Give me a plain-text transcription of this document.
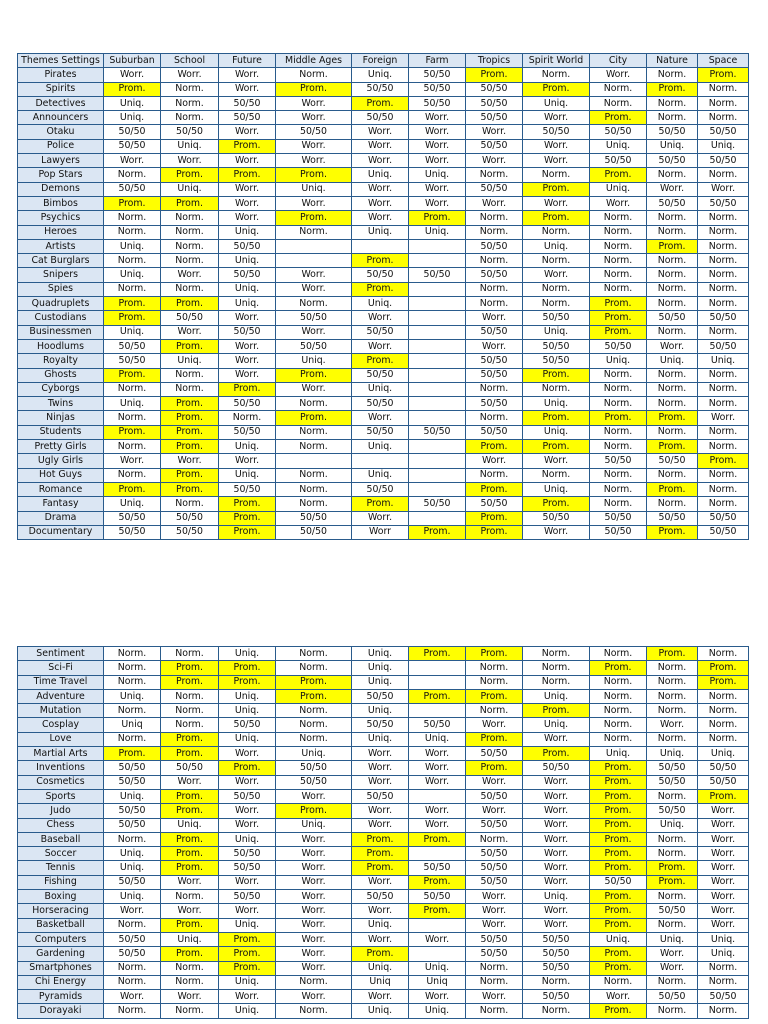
Themes Settings	Suburban	School	Future	Middle Ages	Foreign	Farm	Tropics	Spirit World	City	Nature	Space
Pirates	Worr.	Worr.	Worr.	Norm.	Uniq.	50/50	Prom.	Norm.	Worr.	Norm.	Prom.
Spirits	Prom.	Norm.	Worr.	Prom.	50/50	50/50	50/50	Prom.	Norm.	Prom.	Norm.
Detectives	Uniq.	Norm.	50/50	Worr.	Prom.	50/50	50/50	Uniq.	Norm.	Norm.	Norm.
Announcers	Uniq.	Norm.	50/50	Worr.	50/50	Worr.	50/50	Worr.	Prom.	Norm.	Norm.
Otaku	50/50	50/50	Worr.	50/50	Worr.	Worr.	Worr.	50/50	50/50	50/50	50/50
Police	50/50	Uniq.	Prom.	Worr.	Worr.	Worr.	50/50	Worr.	Uniq.	Uniq.	Uniq.
Lawyers	Worr.	Worr.	Worr.	Worr.	Worr.	Worr.	Worr.	Worr.	50/50	50/50	50/50
Pop Stars	Norm.	Prom.	Prom.	Prom.	Uniq.	Uniq.	Norm.	Norm.	Prom.	Norm.	Norm.
Demons	50/50	Uniq.	Worr.	Uniq.	Worr.	Worr.	50/50	Prom.	Uniq.	Worr.	Worr.
Bimbos	Prom.	Prom.	Worr.	Worr.	Worr.	Worr.	Worr.	Worr.	Worr.	50/50	50/50
Psychics	Norm.	Norm.	Worr.	Prom.	Worr.	Prom.	Norm.	Prom.	Norm.	Norm.	Norm.
Heroes	Norm.	Norm.	Uniq.	Norm.	Uniq.	Uniq.	Norm.	Norm.	Norm.	Norm.	Norm.
Artists	Uniq.	Norm.	50/50				50/50	Uniq.	Norm.	Prom.	Norm.
Cat Burglars	Norm.	Norm.	Uniq.		Prom.		Norm.	Norm.	Norm.	Norm.	Norm.
Snipers	Uniq.	Worr.	50/50	Worr.	50/50	50/50	50/50	Worr.	Norm.	Norm.	Norm.
Spies	Norm.	Norm.	Uniq.	Worr.	Prom.		Norm.	Norm.	Norm.	Norm.	Norm.
Quadruplets	Prom.	Prom.	Uniq.	Norm.	Uniq.		Norm.	Norm.	Prom.	Norm.	Norm.
Custodians	Prom.	50/50	Worr.	50/50	Worr.		Worr.	50/50	Prom.	50/50	50/50
Businessmen	Uniq.	Worr.	50/50	Worr.	50/50		50/50	Uniq.	Prom.	Norm.	Norm.
Hoodlums	50/50	Prom.	Worr.	50/50	Worr.		Worr.	50/50	50/50	Worr.	50/50
Royalty	50/50	Uniq.	Worr.	Uniq.	Prom.		50/50	50/50	Uniq.	Uniq.	Uniq.
Ghosts	Prom.	Norm.	Worr.	Prom.	50/50		50/50	Prom.	Norm.	Norm.	Norm.
Cyborgs	Norm.	Norm.	Prom.	Worr.	Uniq.		Norm.	Norm.	Norm.	Norm.	Norm.
Twins	Uniq.	Prom.	50/50	Norm.	50/50		50/50	Uniq.	Norm.	Norm.	Norm.
Ninjas	Norm.	Prom.	Norm.	Prom.	Worr.		Norm.	Prom.	Prom.	Prom.	Worr.
Students	Prom.	Prom.	50/50	Norm.	50/50	50/50	50/50	Uniq.	Norm.	Norm.	Norm.
Pretty Girls	Norm.	Prom.	Uniq.	Norm.	Uniq.		Prom.	Prom.	Norm.	Prom.	Norm.
Ugly Girls	Worr.	Worr.	Worr.				Worr.	Worr.	50/50	50/50	Prom.
Hot Guys	Norm.	Prom.	Uniq.	Norm.	Uniq.		Norm.	Norm.	Norm.	Norm.	Norm.
Romance	Prom.	Prom.	50/50	Norm.	50/50		Prom.	Uniq.	Norm.	Prom.	Norm.
Fantasy	Uniq.	Norm.	Prom.	Norm.	Prom.	50/50	50/50	Prom.	Norm.	Norm.	Norm.
Drama	50/50	50/50	Prom.	50/50	Worr.		Prom.	50/50	50/50	50/50	50/50
Documentary	50/50	50/50	Prom.	50/50	Worr	Prom.	Prom.	Worr.	50/50	Prom.	50/50
Sentiment	Norm.	Norm.	Uniq.	Norm.	Uniq.	Prom.	Prom.	Norm.	Norm.	Prom.	Norm.
Sci-Fi	Norm.	Prom.	Prom.	Norm.	Uniq.		Norm.	Norm.	Prom.	Norm.	Prom.
Time Travel	Norm.	Prom.	Prom.	Prom.	Uniq.		Norm.	Norm.	Norm.	Norm.	Prom.
Adventure	Uniq.	Norm.	Uniq.	Prom.	50/50	Prom.	Prom.	Uniq.	Norm.	Norm.	Norm.
Mutation	Norm.	Norm.	Uniq.	Norm.	Uniq.		Norm.	Prom.	Norm.	Norm.	Norm.
Cosplay	Uniq	Norm.	50/50	Norm.	50/50	50/50	Worr.	Uniq.	Norm.	Worr.	Norm.
Love	Norm.	Prom.	Uniq.	Norm.	Uniq.	Uniq.	Prom.	Worr.	Norm.	Norm.	Norm.
Martial Arts	Prom.	Prom.	Worr.	Uniq.	Worr.	Worr.	50/50	Prom.	Uniq.	Uniq.	Uniq.
Inventions	50/50	50/50	Prom.	50/50	Worr.	Worr.	Prom.	50/50	Prom.	50/50	50/50
Cosmetics	50/50	Worr.	Worr.	50/50	Worr.	Worr.	Worr.	Worr.	Prom.	50/50	50/50
Sports	Uniq.	Prom.	50/50	Worr.	50/50		50/50	Worr.	Prom.	Norm.	Prom.
Judo	50/50	Prom.	Worr.	Prom.	Worr.	Worr.	Worr.	Worr.	Prom.	50/50	Worr.
Chess	50/50	Uniq.	Worr.	Uniq.	Worr.	Worr.	50/50	Worr.	Prom.	Uniq.	Worr.
Baseball	Norm.	Prom.	Uniq.	Worr.	Prom.	Prom.	Norm.	Worr.	Prom.	Norm.	Worr.
Soccer	Uniq.	Prom.	50/50	Worr.	Prom.		50/50	Worr.	Prom.	Norm.	Worr.
Tennis	Uniq.	Prom.	50/50	Worr.	Prom.	50/50	50/50	Worr.	Prom.	Prom.	Worr.
Fishing	50/50	Worr.	Worr.	Worr.	Worr.	Prom.	50/50	Worr.	50/50	Prom.	Worr.
Boxing	Uniq.	Norm.	50/50	Worr.	50/50	50/50	Worr.	Uniq.	Prom.	Norm.	Worr.
Horseracing	Worr.	Worr.	Worr.	Worr.	Worr.	Prom.	Worr.	Worr.	Prom.	50/50	Worr.
Basketball	Norm.	Prom.	Uniq.	Worr.	Uniq.		Worr.	Worr.	Prom.	Norm.	Worr.
Computers	50/50	Uniq.	Prom.	Worr.	Worr.	Worr.	50/50	50/50	Uniq.	Uniq.	Uniq.
Gardening	50/50	Prom.	Prom.	Worr.	Prom.		50/50	50/50	Prom.	Worr.	Uniq.
Smartphones	Norm.	Norm.	Prom.	Worr.	Uniq.	Uniq.	Norm.	50/50	Prom.	Worr.	Norm.
Chi Energy	Norm.	Norm.	Uniq.	Norm.	Uniq	Uniq	Norm.	Norm.	Norm.	Norm.	Norm.
Pyramids	Worr.	Worr.	Worr.	Worr.	Worr.	Worr.	Worr.	50/50	Worr.	50/50	50/50
Dorayaki	Norm.	Norm.	Uniq.	Norm.	Uniq.	Uniq.	Norm.	Norm.	Prom.	Norm.	Norm.
